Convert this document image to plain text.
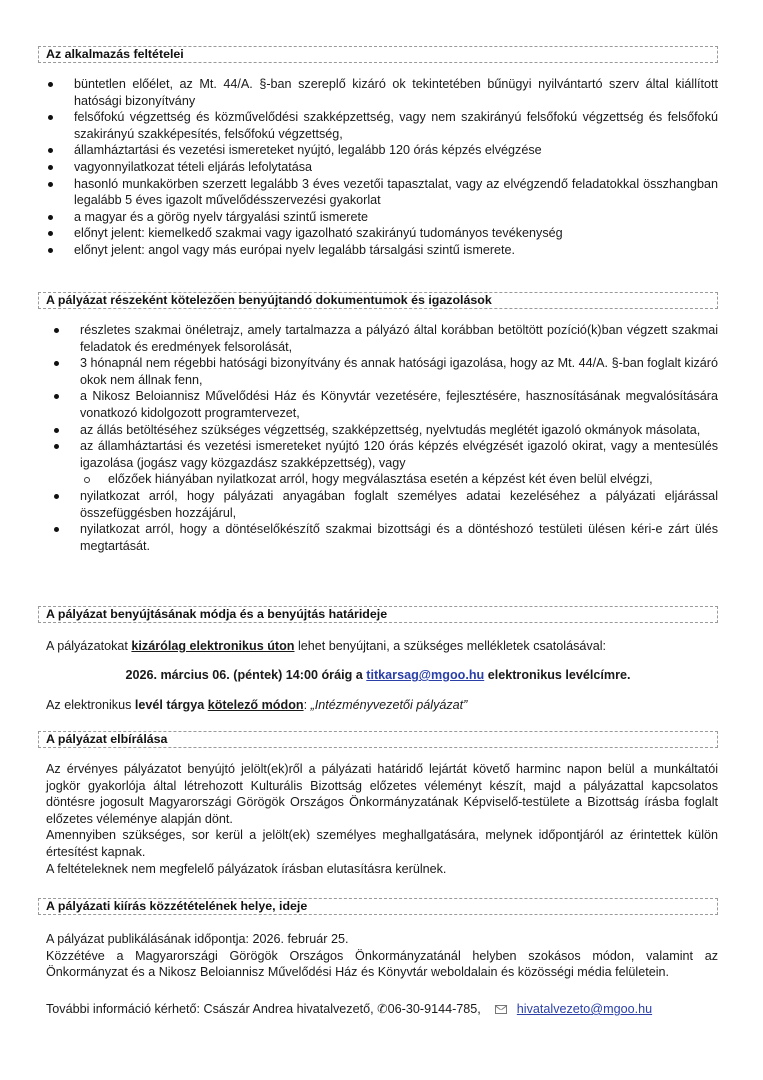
Az alkalmazás feltételei
büntetlen előélet, az Mt. 44/A. §-ban szereplő kizáró ok tekintetében bűnügyi nyilvántartó szerv által kiállított hatósági bizonyítvány
felsőfokú végzettség és közművelődési szakképzettség, vagy nem szakirányú felsőfokú végzettség és felsőfokú szakirányú szakképesítés, felsőfokú végzettség,
államháztartási és vezetési ismereteket nyújtó, legalább 120 órás képzés elvégzése
vagyonnyilatkozat tételi eljárás lefolytatása
hasonló munkakörben szerzett legalább 3 éves vezetői tapasztalat, vagy az elvégzendő feladatokkal összhangban legalább 5 éves igazolt művelődésszervezési gyakorlat
a magyar és a görög nyelv tárgyalási szintű ismerete
előnyt jelent: kiemelkedő szakmai vagy igazolható szakirányú tudományos tevékenység
előnyt jelent: angol vagy más európai nyelv legalább társalgási szintű ismerete.
A pályázat részeként kötelezően benyújtandó dokumentumok és igazolások
részletes szakmai önéletrajz, amely tartalmazza a pályázó által korábban betöltött pozíció(k)ban végzett szakmai feladatok és eredmények felsorolását,
3 hónapnál nem régebbi hatósági bizonyítvány és annak hatósági igazolása, hogy az Mt. 44/A. §-ban foglalt kizáró okok nem állnak fenn,
a Nikosz Beloiannisz Művelődési Ház és Könyvtár vezetésére, fejlesztésére, hasznosításának megvalósítására vonatkozó kidolgozott programtervezet,
az állás betöltéséhez szükséges végzettség, szakképzettség, nyelvtudás meglétét igazoló okmányok másolata,
az államháztartási és vezetési ismereteket nyújtó 120 órás képzés elvégzését igazoló okirat, vagy a mentesülés igazolása (jogász vagy közgazdász szakképzettség), vagy
előzőek hiányában nyilatkozat arról, hogy megválasztása esetén a képzést két éven belül elvégzi,
nyilatkozat arról, hogy pályázati anyagában foglalt személyes adatai kezeléséhez a pályázati eljárással összefüggésben hozzájárul,
nyilatkozat arról, hogy a döntéselőkészítő szakmai bizottsági és a döntéshozó testületi ülésen kéri-e zárt ülés megtartását.
A pályázat benyújtásának módja és a benyújtás határideje
A pályázatokat kizárólag elektronikus úton lehet benyújtani, a szükséges mellékletek csatolásával:
2026. március 06. (péntek) 14:00 óráig a titkarsag@mgoo.hu elektronikus levélcímre.
Az elektronikus levél tárgya kötelező módon: „Intézményvezetői pályázat”
A pályázat elbírálása
Az érvényes pályázatot benyújtó jelölt(ek)ről a pályázati határidő lejártát követő harminc napon belül a munkáltatói jogkör gyakorlója által létrehozott Kulturális Bizottság előzetes véleményt készít, majd a pályázattal kapcsolatos döntésre jogosult Magyarországi Görögök Országos Önkormányzatának Képviselő-testülete a Bizottság írásba foglalt előzetes véleménye alapján dönt.
Amennyiben szükséges, sor kerül a jelölt(ek) személyes meghallgatására, melynek időpontjáról az érintettek külön értesítést kapnak.
A feltételeknek nem megfelelő pályázatok írásban elutasításra kerülnek.
A pályázati kiírás közzétételének helye, ideje
A pályázat publikálásának időpontja: 2026. február 25.
Közzétéve a Magyarországi Görögök Országos Önkormányzatánál helyben szokásos módon, valamint az Önkormányzat és a Nikosz Beloiannisz Művelődési Ház és Könyvtár weboldalain és közösségi média felületein.
További információ kérhető: Császár Andrea hivatalvezető, ✆06-30-9144-785,	hivatalvezeto@mgoo.hu
